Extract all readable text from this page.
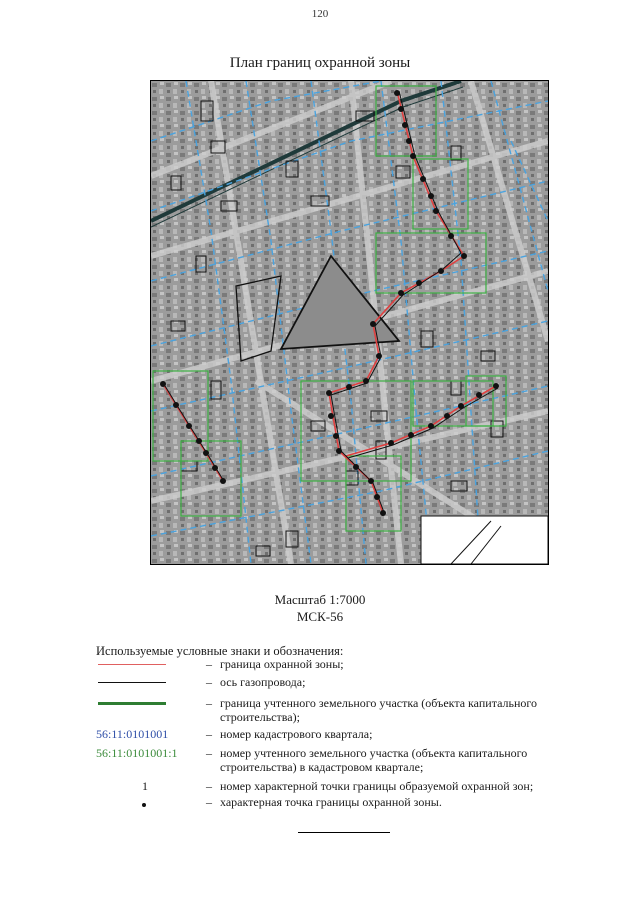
120
План границ охранной зоны
Масштаб 1:7000
МСК-56
Используемые условные знаки и обозначения:
– граница охранной зоны;
– ось газопровода;
– граница учтенного земельного участка (объекта капитального строительства);
56:11:0101001	– номер кадастрового квартала;
56:11:0101001:1	– номер учтенного земельного участка (объекта капитального строительства) в кадастровом квартале;
1	– номер характерной точки границы образуемой охранной зон;
– характерная точка границы охранной зоны.
